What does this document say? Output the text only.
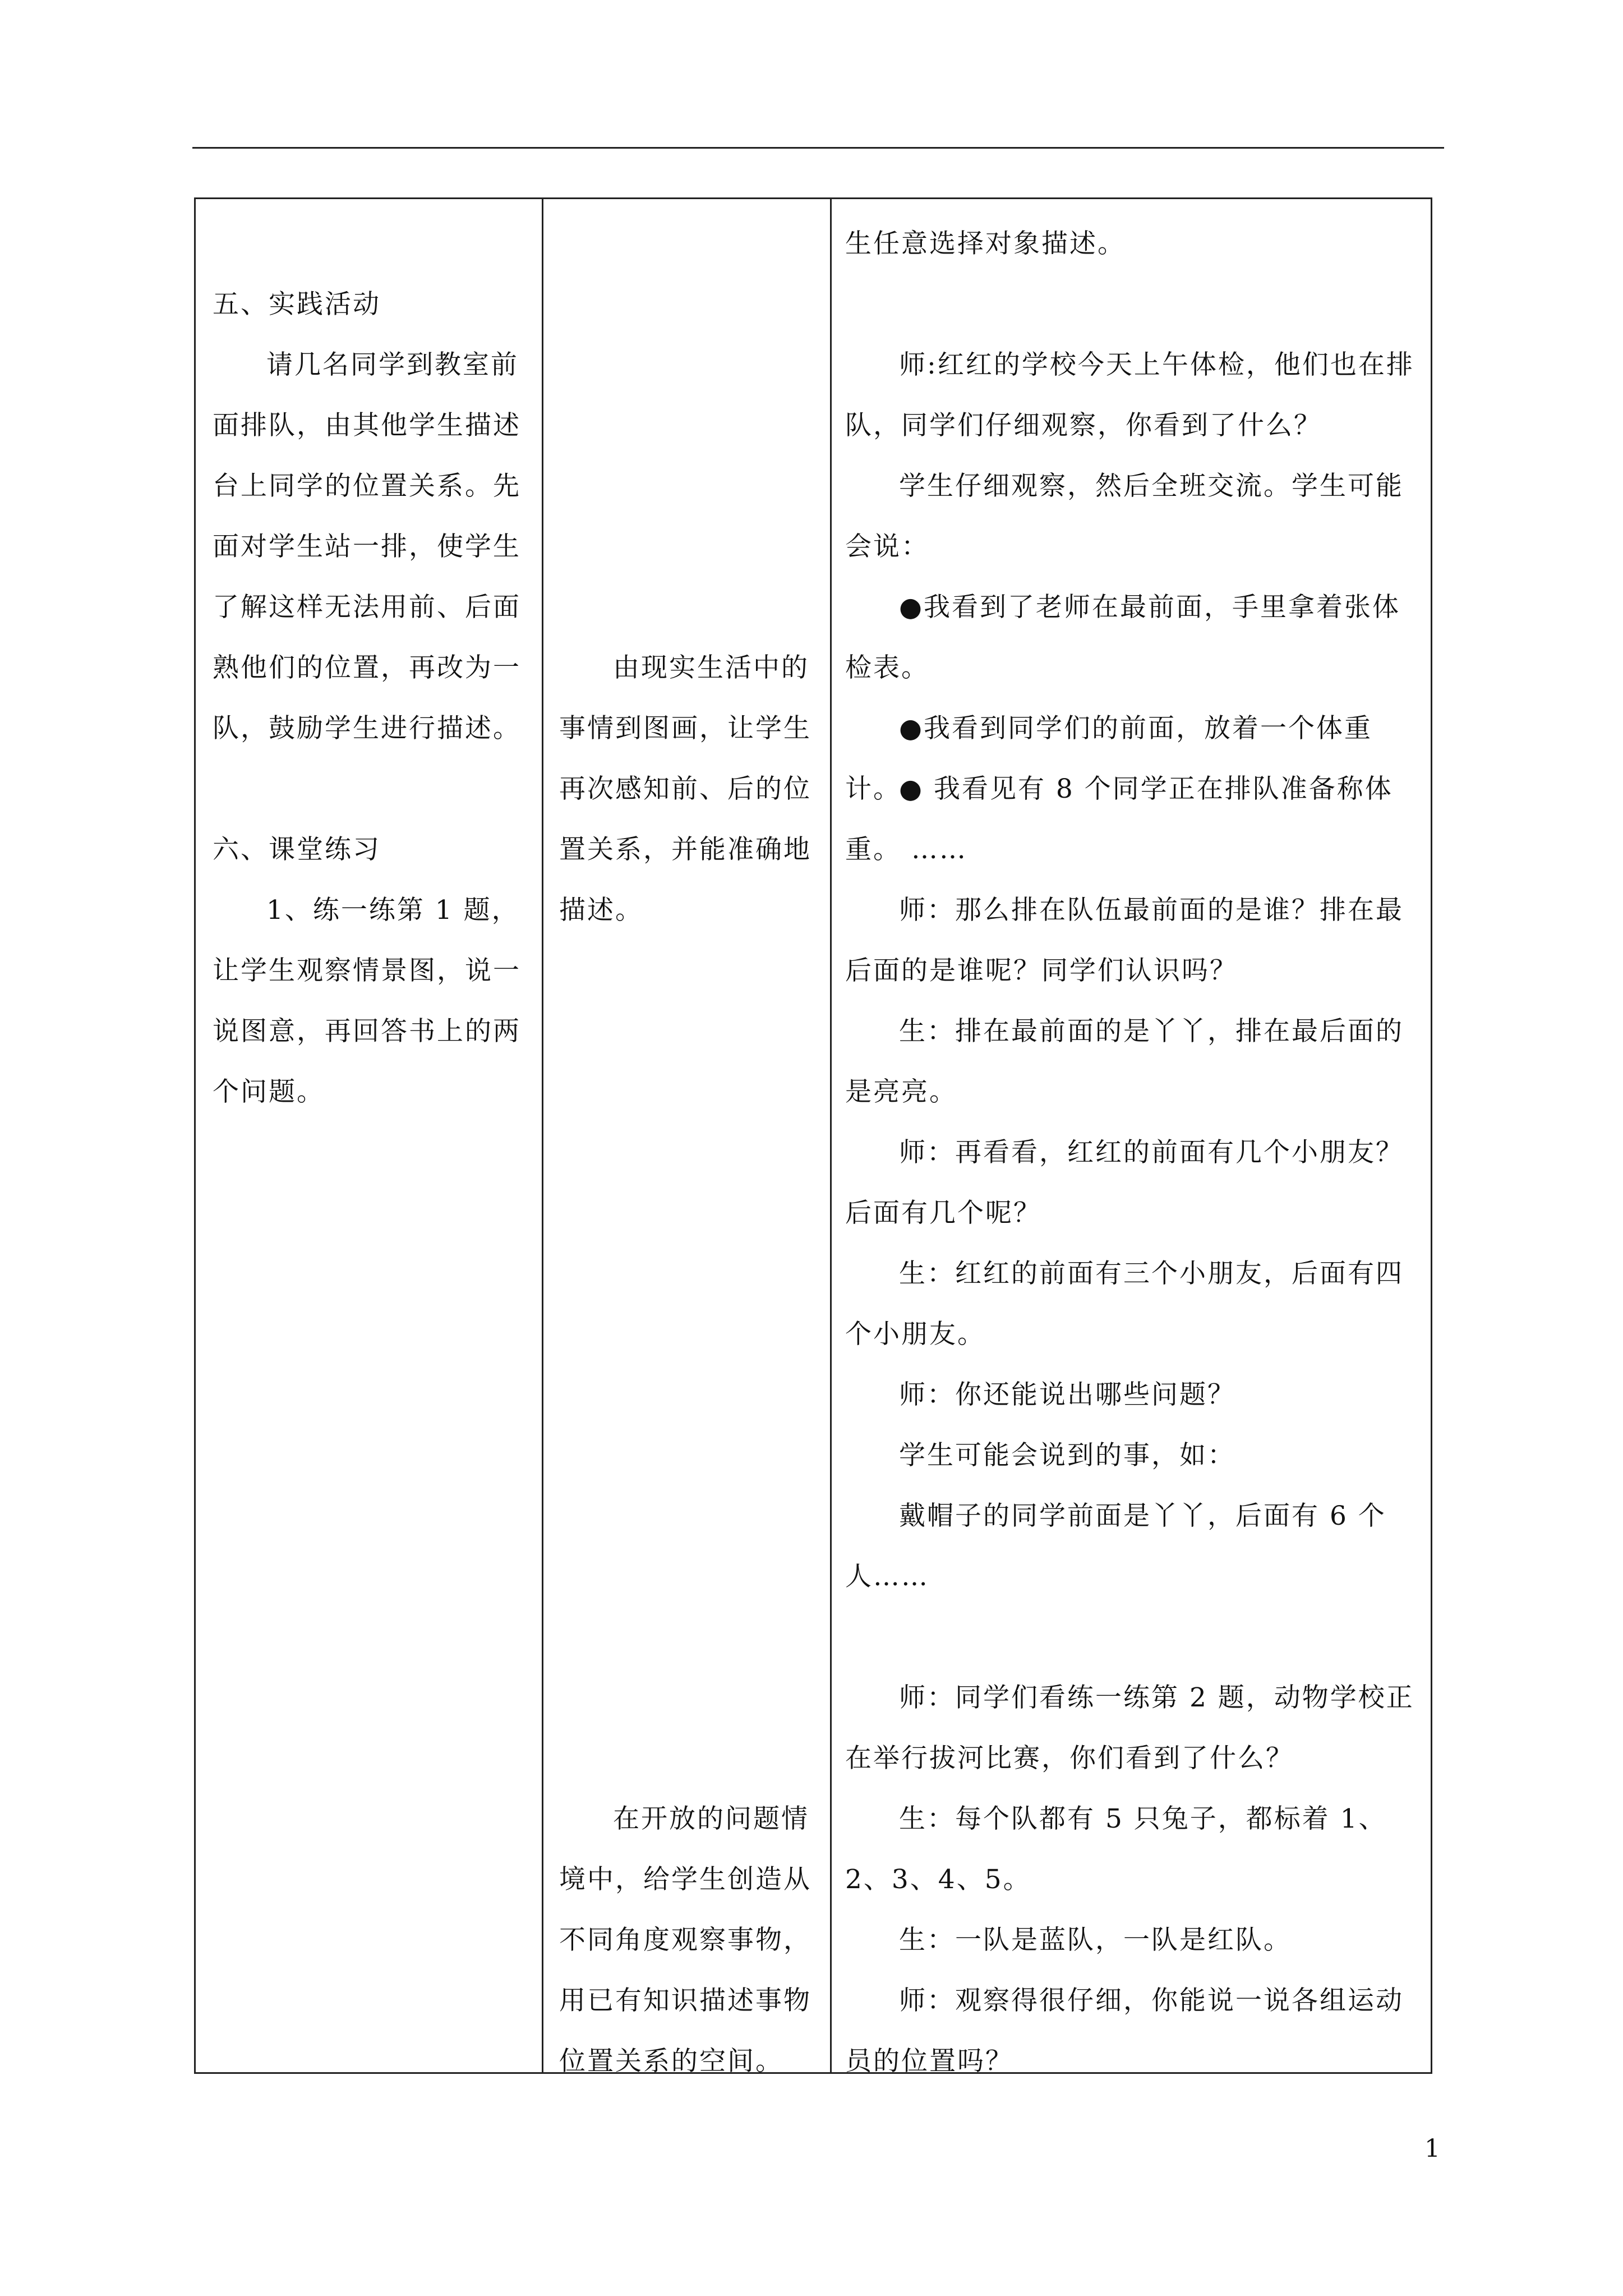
五、实践活动

请几名同学到教室前面排队，由其他学生描述台上同学的位置关系。先面对学生站一排，使学生了解这样无法用前、后面熟他们的位置，再改为一队，鼓励学生进行描述。

六、课堂练习

1、练一练第 1 题，让学生观察情景图，说一说图意，再回答书上的两个问题。

由现实生活中的事情到图画，让学生再次感知前、后的位置关系，并能准确地描述。

在开放的问题情境中，给学生创造从不同角度观察事物，用已有知识描述事物位置关系的空间。

生任意选择对象描述。

师:红红的学校今天上午体检，他们也在排队，同学们仔细观察，你看到了什么？

学生仔细观察，然后全班交流。学生可能会说：

●我看到了老师在最前面，手里拿着张体检表。

●我看到同学们的前面，放着一个体重计。

● 我看见有 8 个同学正在排队准备称体重。 ……

师：那么排在队伍最前面的是谁？排在最后面的是谁呢？同学们认识吗？

生：排在最前面的是丫丫，排在最后面的是亮亮。

师：再看看，红红的前面有几个小朋友？后面有几个呢？

生：红红的前面有三个小朋友，后面有四个小朋友。

师：你还能说出哪些问题？

学生可能会说到的事，如：

戴帽子的同学前面是丫丫，后面有 6 个人……

师：同学们看练一练第 2 题，动物学校正在举行拔河比赛，你们看到了什么？

生：每个队都有 5 只兔子，都标着 1、2、3、4、5。

生：一队是蓝队，一队是红队。

师：观察得很仔细，你能说一说各组运动员的位置吗？

1
